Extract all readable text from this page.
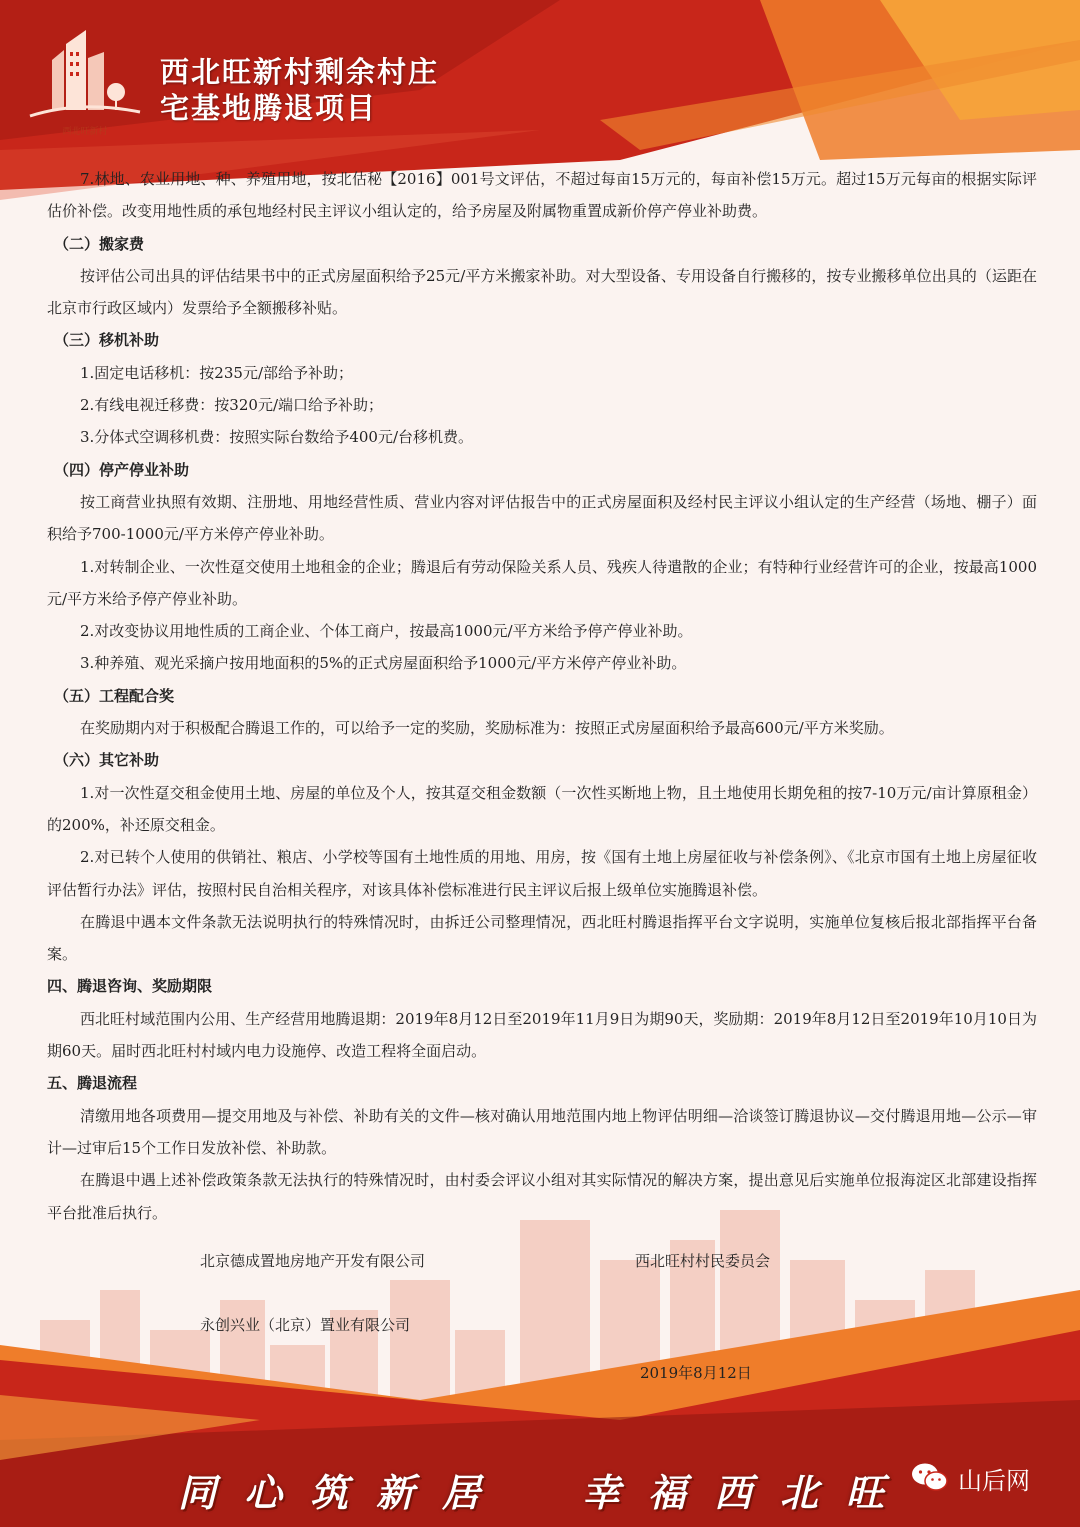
西北旺新村剩余村庄
宅基地腾退项目
西北旺新村

7.林地、农业用地、种、养殖用地，按北估秘【2016】001号文评估，不超过每亩15万元的，每亩补偿15万元。超过15万元每亩的根据实际评估价补偿。改变用地性质的承包地经村民主评议小组认定的，给予房屋及附属物重置成新价停产停业补助费。

（二）搬家费

按评估公司出具的评估结果书中的正式房屋面积给予25元/平方米搬家补助。对大型设备、专用设备自行搬移的，按专业搬移单位出具的（运距在北京市行政区域内）发票给予全额搬移补贴。

（三）移机补助

1.固定电话移机：按235元/部给予补助；

2.有线电视迁移费：按320元/端口给予补助；

3.分体式空调移机费：按照实际台数给予400元/台移机费。

（四）停产停业补助

按工商营业执照有效期、注册地、用地经营性质、营业内容对评估报告中的正式房屋面积及经村民主评议小组认定的生产经营（场地、棚子）面积给予700-1000元/平方米停产停业补助。

1.对转制企业、一次性趸交使用土地租金的企业；腾退后有劳动保险关系人员、残疾人待遣散的企业；有特种行业经营许可的企业，按最高1000元/平方米给予停产停业补助。

2.对改变协议用地性质的工商企业、个体工商户，按最高1000元/平方米给予停产停业补助。

3.种养殖、观光采摘户按用地面积的5%的正式房屋面积给予1000元/平方米停产停业补助。

（五）工程配合奖

在奖励期内对于积极配合腾退工作的，可以给予一定的奖励，奖励标准为：按照正式房屋面积给予最高600元/平方米奖励。

（六）其它补助

1.对一次性趸交租金使用土地、房屋的单位及个人，按其趸交租金数额（一次性买断地上物，且土地使用长期免租的按7-10万元/亩计算原租金）的200%，补还原交租金。

2.对已转个人使用的供销社、粮店、小学校等国有土地性质的用地、用房，按《国有土地上房屋征收与补偿条例》、《北京市国有土地上房屋征收评估暂行办法》评估，按照村民自治相关程序，对该具体补偿标准进行民主评议后报上级单位实施腾退补偿。

在腾退中遇本文件条款无法说明执行的特殊情况时，由拆迁公司整理情况，西北旺村腾退指挥平台文字说明，实施单位复核后报北部指挥平台备案。

四、腾退咨询、奖励期限

西北旺村域范围内公用、生产经营用地腾退期：2019年8月12日至2019年11月9日为期90天，奖励期：2019年8月12日至2019年10月10日为期60天。届时西北旺村村域内电力设施停、改造工程将全面启动。

五、腾退流程

清缴用地各项费用—提交用地及与补偿、补助有关的文件—核对确认用地范围内地上物评估明细—洽谈签订腾退协议—交付腾退用地—公示—审计—过审后15个工作日发放补偿、补助款。

在腾退中遇上述补偿政策条款无法执行的特殊情况时，由村委会评议小组对其实际情况的解决方案，提出意见后实施单位报海淀区北部建设指挥平台批准后执行。

北京德成置地房地产开发有限公司	西北旺村村民委员会
永创兴业（北京）置业有限公司
2019年8月12日
同心筑新居 幸福西北旺 山后网
